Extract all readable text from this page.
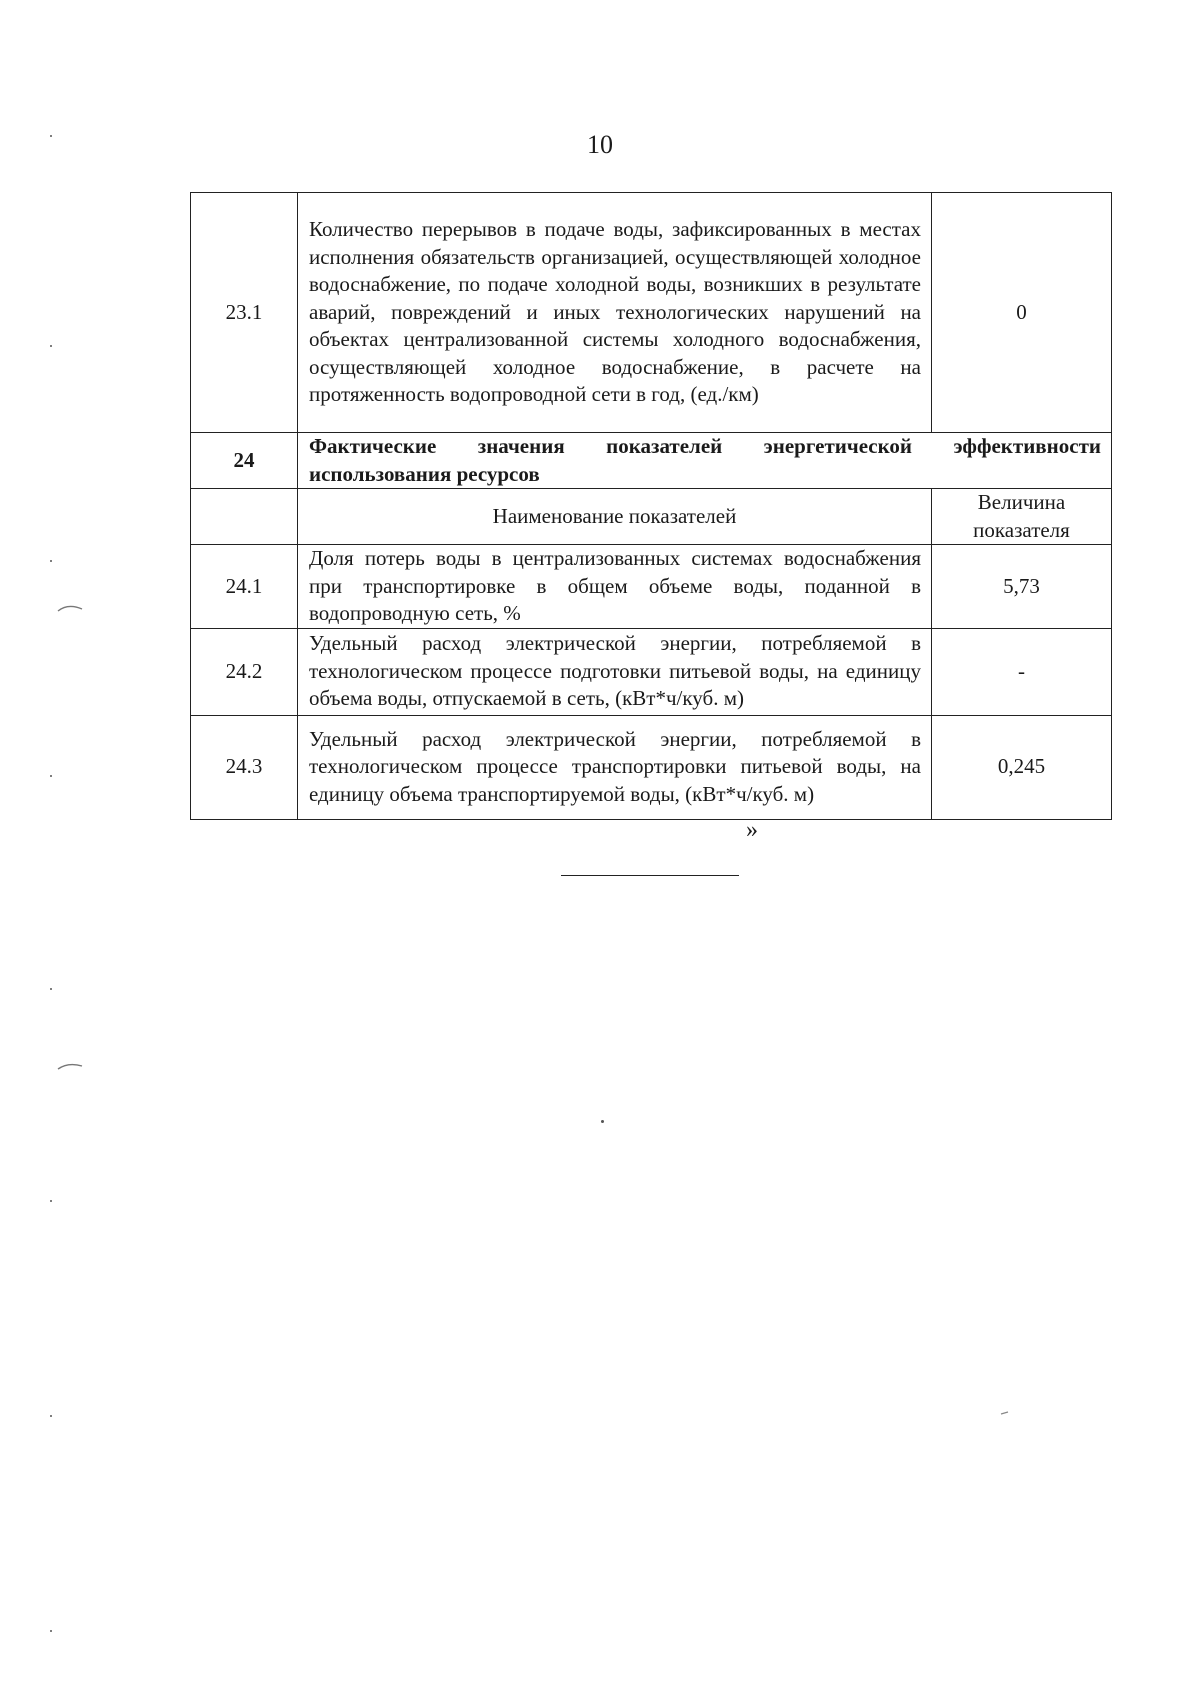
10
23.1	Количество перерывов в подаче воды, зафиксированных в местах исполнения обязательств организацией, осуществляющей холодное водоснабжение, по подаче холодной воды, возникших в результате аварий, повреждений и иных технологических нарушений на объектах централизованной системы холодного водоснабжения, осуществляющей холодное водоснабжение, в расчете на протяженность водопроводной сети в год, (ед./км)	0
24	Фактические значения показателей энергетической эффективности использования ресурсов	
	Наименование показателей	Величина показателя
24.1	Доля потерь воды в централизованных системах водоснабжения при транспортировке в общем объеме воды, поданной в водопроводную сеть, %	5,73
24.2	Удельный расход электрической энергии, потребляемой в технологическом процессе подготовки питьевой воды, на единицу объема воды, отпускаемой в сеть, (кВт*ч/куб. м)	-
24.3	Удельный расход электрической энергии, потребляемой в технологическом процессе транспортировки питьевой воды, на единицу объема транспортируемой воды, (кВт*ч/куб. м)	0,245
»
